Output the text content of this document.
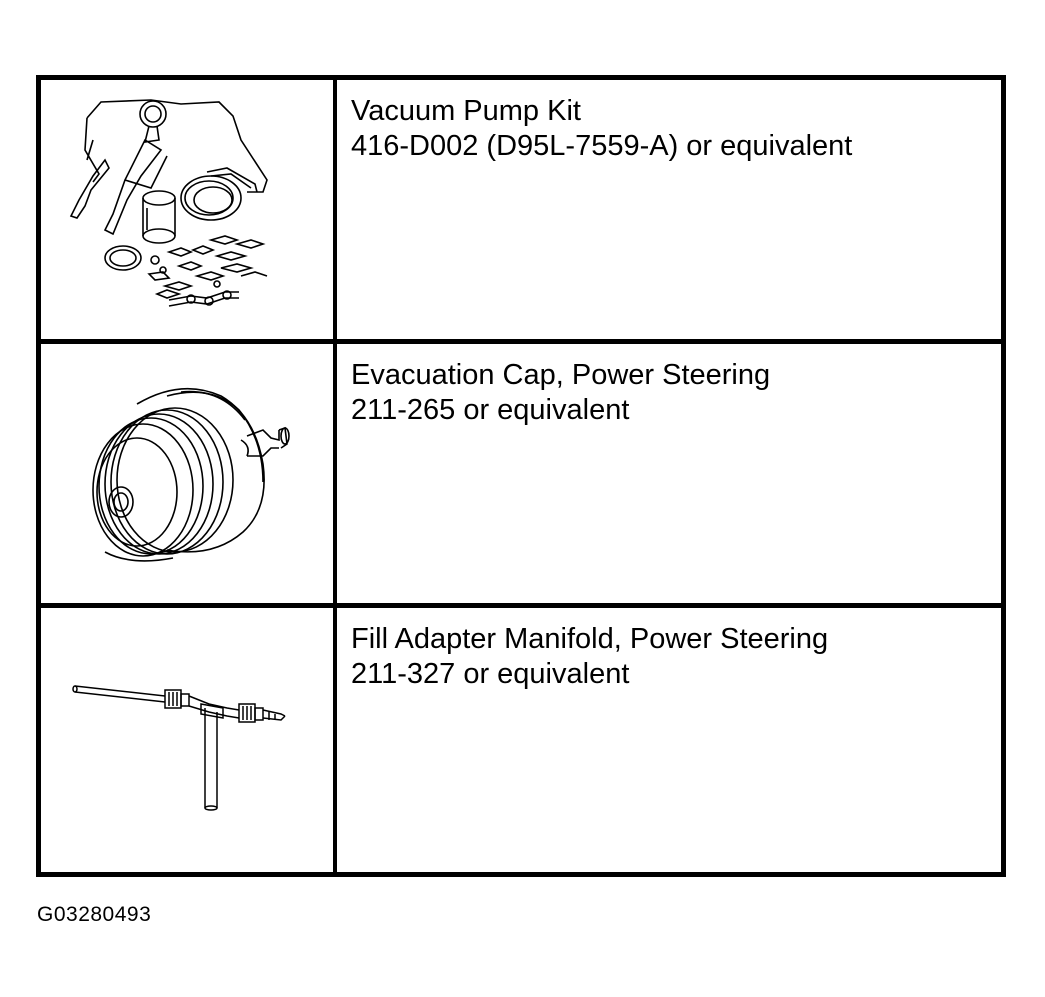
Vacuum Pump Kit
416-D002 (D95L-7559-A) or equivalent
Evacuation Cap, Power Steering
211-265 or equivalent
Fill Adapter Manifold, Power Steering
211-327 or equivalent
G03280493
